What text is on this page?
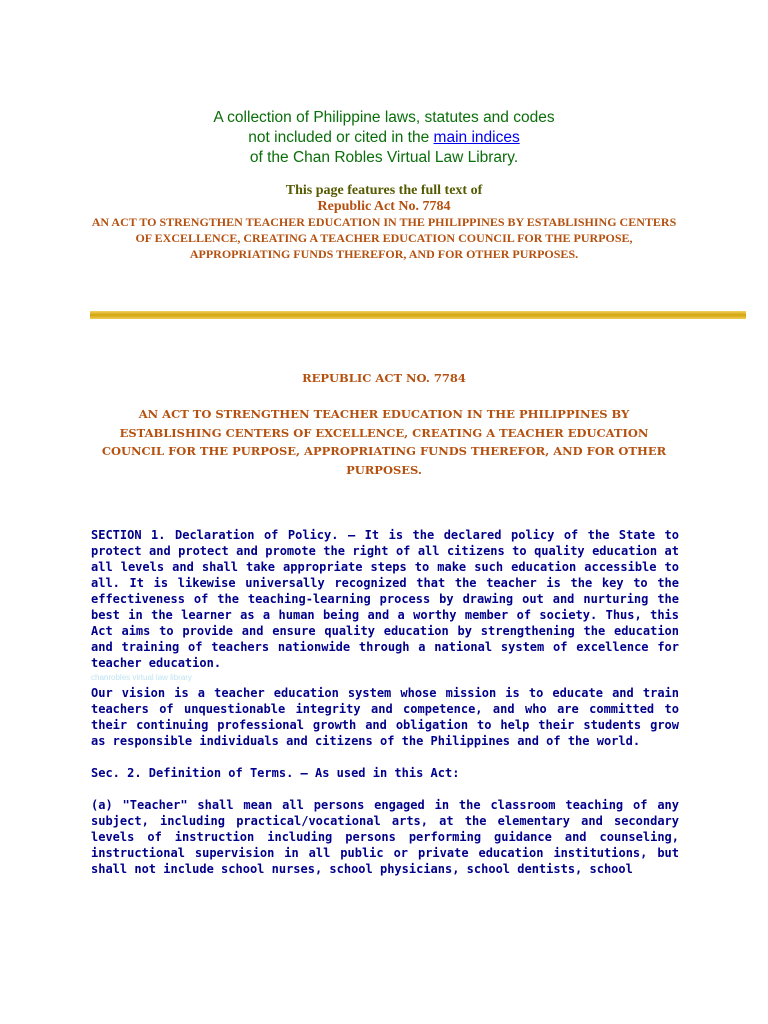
A collection of Philippine laws, statutes and codes
not included or cited in the main indices
of the Chan Robles Virtual Law Library.
This page features the full text of
Republic Act No. 7784
AN ACT TO STRENGTHEN TEACHER EDUCATION IN THE PHILIPPINES BY ESTABLISHING CENTERS OF EXCELLENCE, CREATING A TEACHER EDUCATION COUNCIL FOR THE PURPOSE, APPROPRIATING FUNDS THEREFOR, AND FOR OTHER PURPOSES.
REPUBLIC ACT NO. 7784
AN ACT TO STRENGTHEN TEACHER EDUCATION IN THE PHILIPPINES BY ESTABLISHING CENTERS OF EXCELLENCE, CREATING A TEACHER EDUCATION COUNCIL FOR THE PURPOSE, APPROPRIATING FUNDS THEREFOR, AND FOR OTHER PURPOSES.

SECTION 1. Declaration of Policy. — It is the declared policy of the State to protect and protect and promote the right of all citizens to quality education at all levels and shall take appropriate steps to make such education accessible to all. It is likewise universally recognized that the teacher is the key to the effectiveness of the teaching-learning process by drawing out and nurturing the best in the learner as a human being and a worthy member of society. Thus, this Act aims to provide and ensure quality education by strengthening the education and training of teachers nationwide through a national system of excellence for teacher education.

chanrobles virtual law library

Our vision is a teacher education system whose mission is to educate and train teachers of unquestionable integrity and competence, and who are committed to their continuing professional growth and obligation to help their students grow as responsible individuals and citizens of the Philippines and of the world.

Sec. 2. Definition of Terms. — As used in this Act:

(a) "Teacher" shall mean all persons engaged in the classroom teaching of any subject, including practical/vocational arts, at the elementary and secondary levels of instruction including persons performing guidance and counseling, instructional supervision in all public or private education institutions, but shall not include school nurses, school physicians, school dentists, school
